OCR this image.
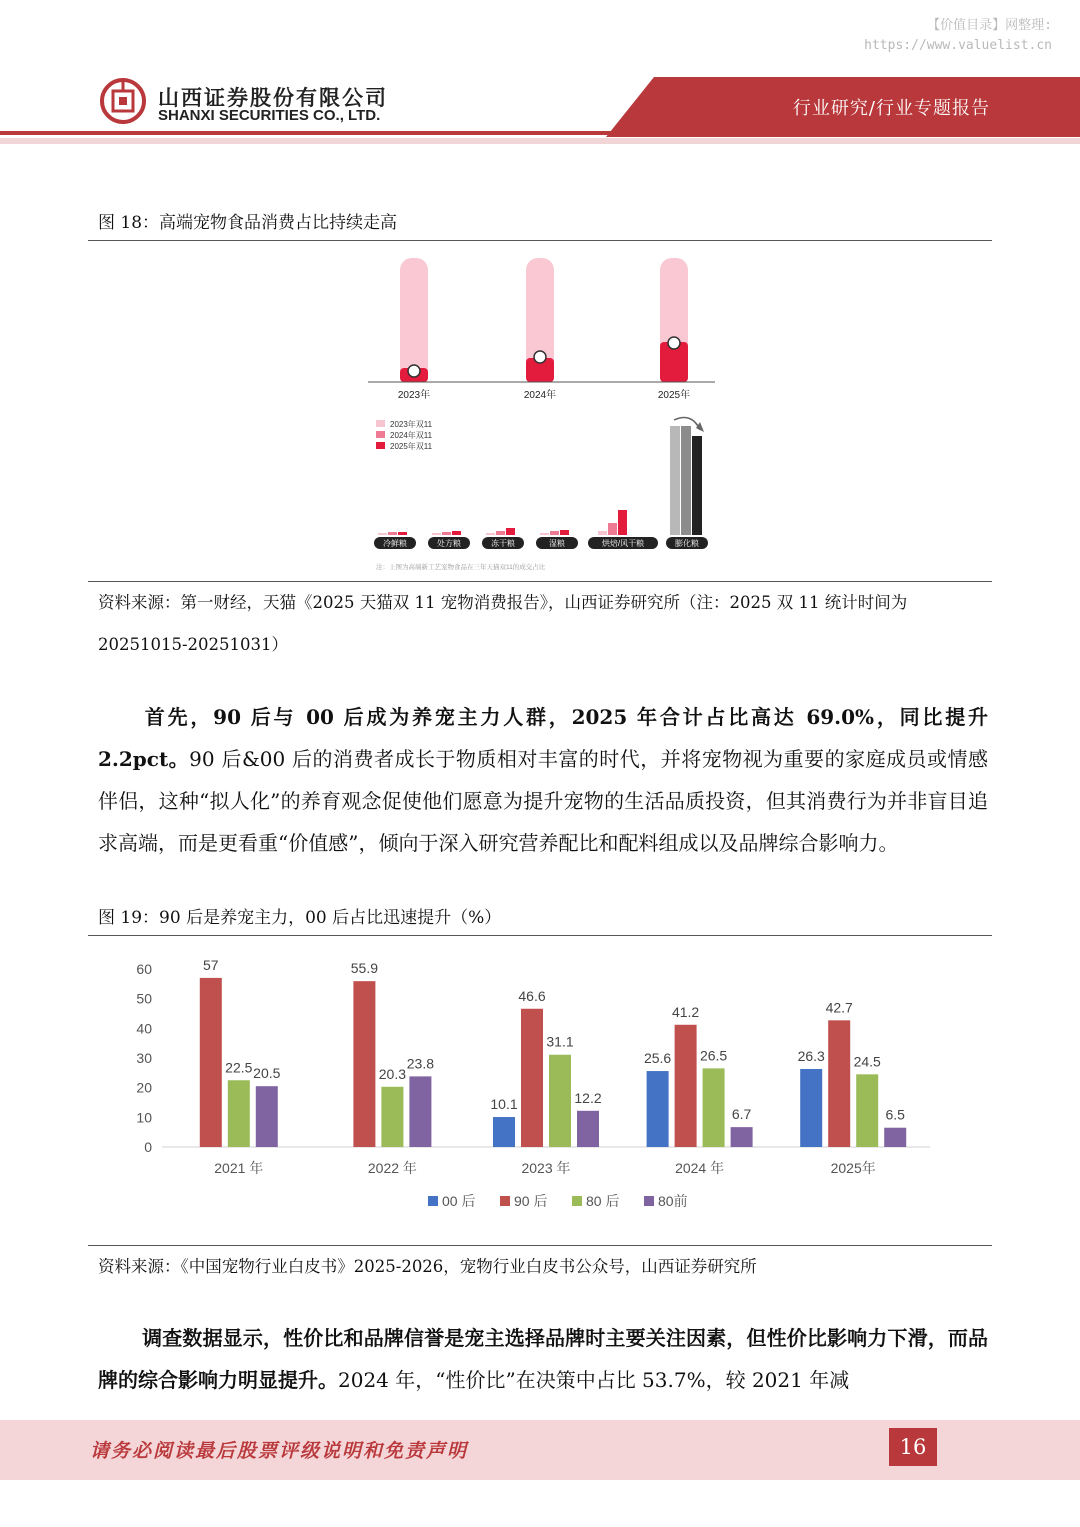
【价值目录】网整理:
https://www.valuelist.cn
山西证券股份有限公司
SHANXI SECURITIES CO., LTD.	行业研究/行业专题报告
图 18：高端宠物食品消费占比持续走高
2023年	2024年	2025年
2023年双11
2024年双11
2025年双11
冷鲜粮	处方粮	冻干粮	湿粮	烘焙/风干粮	膨化粮
注：上图为高端新工艺宠物食品在三年天猫双11的成交占比
资料来源：第一财经，天猫《2025 天猫双 11 宠物消费报告》，山西证券研究所（注：2025 双 11 统计时间为 20251015-20251031）
首先，90 后与 00 后成为养宠主力人群，2025 年合计占比高达 69.0%，同比提升 2.2pct。90 后&00 后的消费者成长于物质相对丰富的时代，并将宠物视为重要的家庭成员或情感伴侣，这种“拟人化”的养育观念促使他们愿意为提升宠物的生活品质投资，但其消费行为并非盲目追求高端，而是更看重“价值感”，倾向于深入研究营养配比和配料组成以及品牌综合影响力。
图 19：90 后是养宠主力，00 后占比迅速提升（%）
0
10
20
30
40
50
60	57
22.5 20.5
2021 年
55.9
20.3
23.8
2022 年
10.1
46.6
31.1
12.2
2023 年
25.6
41.2
26.5
6.7
2024 年
26.3
42.7
24.5
6.5
2025年
00 后	90 后	80 后	80前
资料来源：《中国宠物行业白皮书》2025-2026，宠物行业白皮书公众号，山西证券研究所
调查数据显示，性价比和品牌信誉是宠主选择品牌时主要关注因素，但性价比影响力下滑，而品牌的综合影响力明显提升。2024 年，“性价比”在决策中占比 53.7%，较 2021 年减
请务必阅读最后股票评级说明和免责声明	16
